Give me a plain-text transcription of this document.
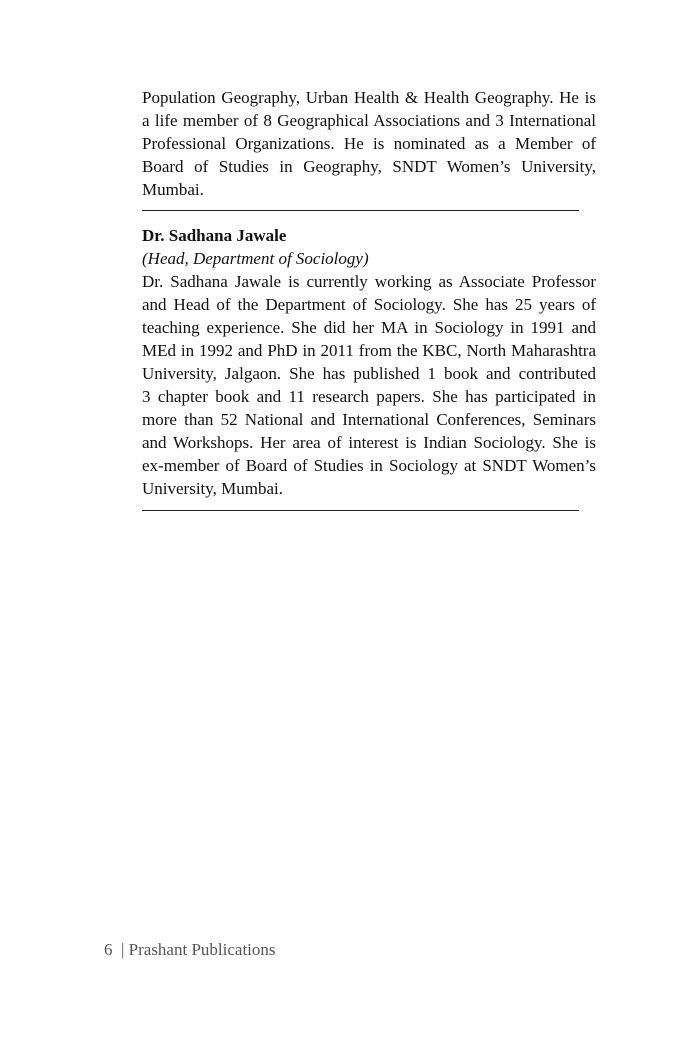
Population Geography, Urban Health & Health Geography. He is
a life member of 8 Geographical Associations and 3 International
Professional Organizations. He is nominated as a Member of
Board of Studies in Geography, SNDT Women’s University,
Mumbai.
Dr. Sadhana Jawale
(Head, Department of Sociology)
Dr. Sadhana Jawale is currently working as Associate Professor
and Head of the Department of Sociology. She has 25 years of
teaching experience. She did her MA in Sociology in 1991 and
MEd in 1992 and PhD in 2011 from the KBC, North Maharashtra
University, Jalgaon. She has published 1 book and contributed
3 chapter book and 11 research papers. She has participated in
more than 52 National and International Conferences, Seminars
and Workshops. Her area of interest is Indian Sociology. She is
ex-member of Board of Studies in Sociology at SNDT Women’s
University, Mumbai.
6 | Prashant Publications
